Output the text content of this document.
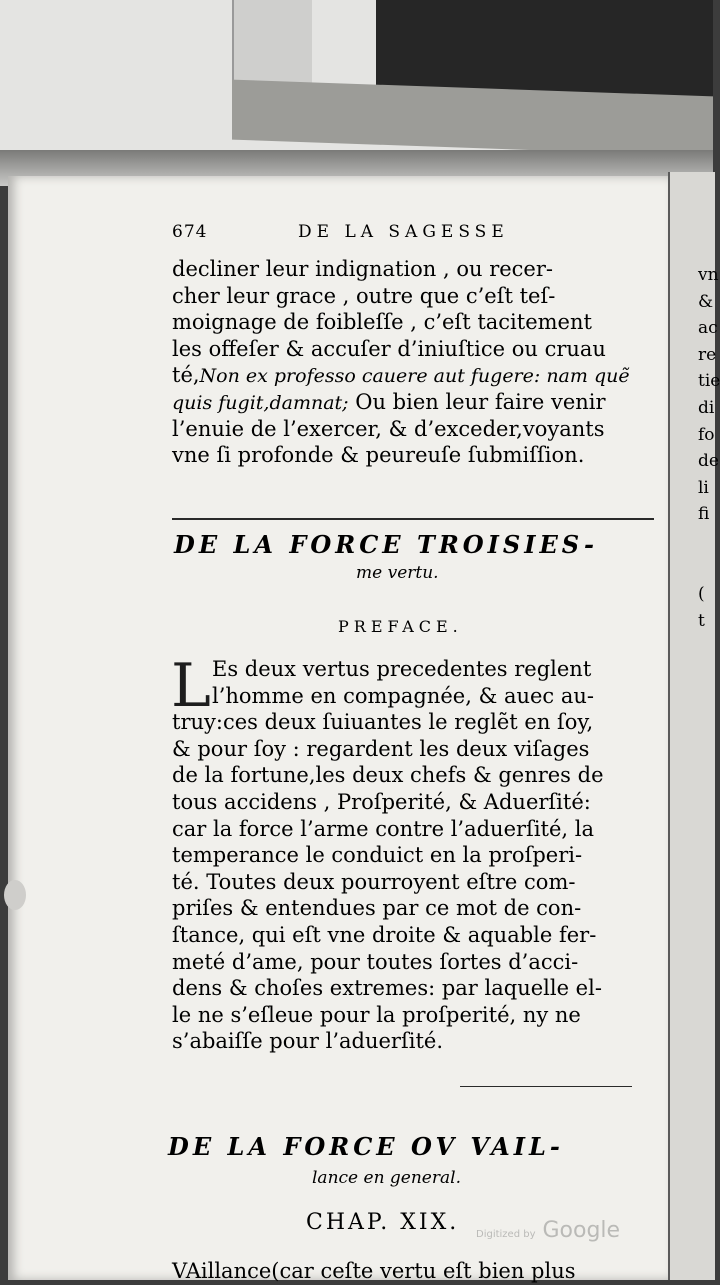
674	DE LA SAGESSE
decliner leur indignation , ou recer-
cher leur grace , outre que c’eſt teſ-
moignage de foibleſſe , c’eſt tacitement
les offeſer & accuſer d’iniuſtice ou cruau
té,Non ex professo cauere aut fugere: nam quẽ
quis fugit,damnat; Ou bien leur faire venir
l’enuie de l’exercer, & d’exceder,voyants
vne ſi profonde & peureuſe ſubmiſſion.
DE LA FORCE TROISIES-
me vertu.
PREFACE.
L Es deux vertus precedentes reglent
l’homme en compagnée, & auec au-
truy:ces deux ſuiuantes le reglẽt en ſoy,
& pour ſoy : regardent les deux viſages
de la fortune,les deux chefs & genres de
tous accidens , Proſperité, & Aduerſité:
car la force l’arme contre l’aduerſité, la
temperance le conduict en la proſperi-
té. Toutes deux pourroyent eſtre com-
priſes & entendues par ce mot de con-
ſtance, qui eſt vne droite & aquable fer-
meté d’ame, pour toutes ſortes d’acci-
dens & choſes extremes: par laquelle el-
le ne s’eſleue pour la proſperité, ny ne
s’abaiſſe pour l’aduerſité.
DE LA FORCE OV VAIL-
lance en general.
CHAP. XIX. Digitized by Google
VAillance(car ceſte vertu eſt bien plus
vn
&
ac
re
tie
di
fo
de
li
fi
(
t
